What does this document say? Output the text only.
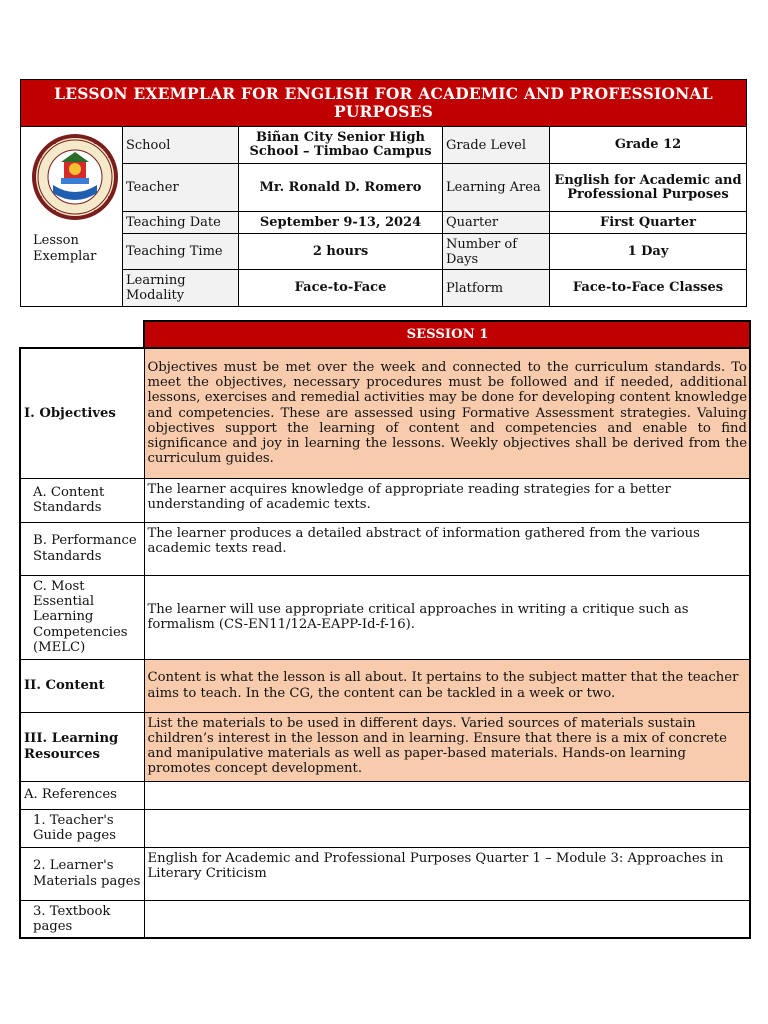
LESSON EXEMPLAR FOR ENGLISH FOR ACADEMIC AND PROFESSIONAL PURPOSES				

Lesson Exemplar	School	Biñan City Senior High School – Timbao Campus	Grade Level	Grade 12
	Teacher	Mr. Ronald D. Romero	Learning Area	English for Academic and Professional Purposes
	Teaching Date	September 9-13, 2024	Quarter	First Quarter
	Teaching Time	2 hours	Number of Days	1 Day
	Learning Modality	Face-to-Face	Platform	Face-to-Face Classes
	SESSION 1
I. Objectives	Objectives must be met over the week and connected to the curriculum standards. To meet the objectives, necessary procedures must be followed and if needed, additional lessons, exercises and remedial activities may be done for developing content knowledge and competencies. These are assessed using Formative Assessment strategies. Valuing objectives support the learning of content and competencies and enable to find significance and joy in learning the lessons. Weekly objectives shall be derived from the curriculum guides.
A. Content Standards	The learner acquires knowledge of appropriate reading strategies for a better understanding of academic texts.
B. Performance Standards	The learner produces a detailed abstract of information gathered from the various academic texts read.
C. Most Essential Learning Competencies (MELC)	The learner will use appropriate critical approaches in writing a critique such as formalism (CS-EN11/12A-EAPP-Id-f-16).
II. Content	Content is what the lesson is all about. It pertains to the subject matter that the teacher aims to teach. In the CG, the content can be tackled in a week or two.
III. Learning Resources	List the materials to be used in different days. Varied sources of materials sustain children’s interest in the lesson and in learning. Ensure that there is a mix of concrete and manipulative materials as well as paper-based materials. Hands-on learning promotes concept development.
A. References	
1. Teacher's Guide pages	
2. Learner's Materials pages	English for Academic and Professional Purposes Quarter 1 – Module 3: Approaches in Literary Criticism
3. Textbook pages	
